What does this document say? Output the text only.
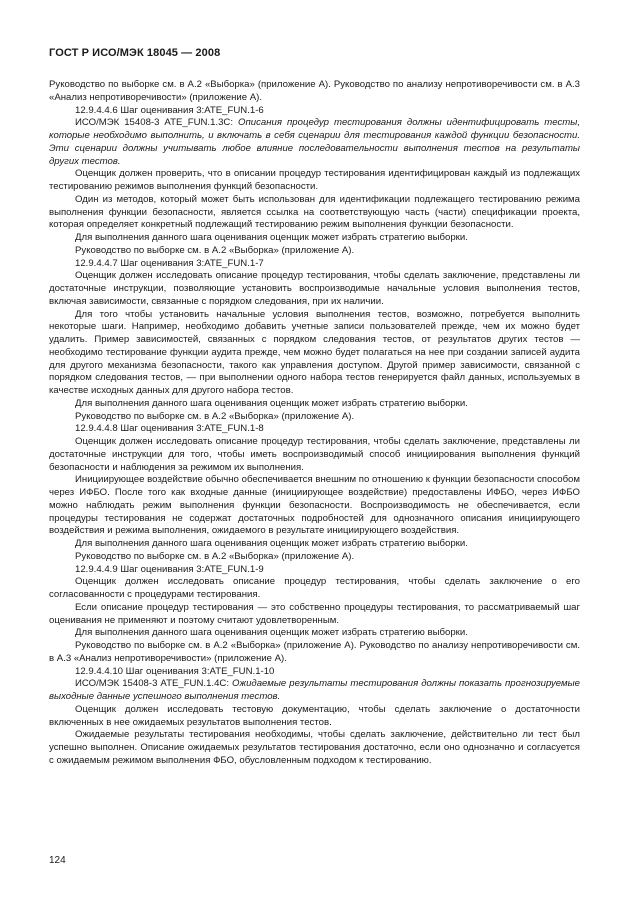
ГОСТ Р ИСО/МЭК 18045 — 2008

Руководство по выборке см. в А.2 «Выборка» (приложение А). Руководство по анализу непротиворечивости см. в А.3 «Анализ непротиворечивости» (приложение А).

12.9.4.4.6 Шаг оценивания 3:ATE_FUN.1-6

ИСО/МЭК 15408-3 ATE_FUN.1.3C: Описания процедур тестирования должны идентифицировать тесты, которые необходимо выполнить, и включать в себя сценарии для тестирования каждой функции безопасности. Эти сценарии должны учитывать любое влияние последовательности выполнения тестов на результаты других тестов.

Оценщик должен проверить, что в описании процедур тестирования идентифицирован каждый из подлежащих тестированию режимов выполнения функций безопасности.

Один из методов, который может быть использован для идентификации подлежащего тестированию режима выполнения функции безопасности, является ссылка на соответствующую часть (части) спецификации проекта, которая определяет конкретный подлежащий тестированию режим выполнения функции безопасности.

Для выполнения данного шага оценивания оценщик может избрать стратегию выборки.

Руководство по выборке см. в А.2 «Выборка» (приложение А).

12.9.4.4.7 Шаг оценивания 3:ATE_FUN.1-7

Оценщик должен исследовать описание процедур тестирования, чтобы сделать заключение, представлены ли достаточные инструкции, позволяющие установить воспроизводимые начальные условия выполнения тестов, включая зависимости, связанные с порядком следования, при их наличии.

Для того чтобы установить начальные условия выполнения тестов, возможно, потребуется выполнить некоторые шаги. Например, необходимо добавить учетные записи пользователей прежде, чем их можно будет удалить. Пример зависимостей, связанных с порядком следования тестов, от результатов других тестов — необходимо тестирование функции аудита прежде, чем можно будет полагаться на нее при создании записей аудита для другого механизма безопасности, такого как управления доступом. Другой пример зависимости, связанной с порядком следования тестов, — при выполнении одного набора тестов генерируется файл данных, используемых в качестве исходных данных для другого набора тестов.

Для выполнения данного шага оценивания оценщик может избрать стратегию выборки.

Руководство по выборке см. в А.2 «Выборка» (приложение А).

12.9.4.4.8 Шаг оценивания 3:ATE_FUN.1-8

Оценщик должен исследовать описание процедур тестирования, чтобы сделать заключение, представлены ли достаточные инструкции для того, чтобы иметь воспроизводимый способ инициирования выполнения функций безопасности и наблюдения за режимом их выполнения.

Инициирующее воздействие обычно обеспечивается внешним по отношению к функции безопасности способом через ИФБО. После того как входные данные (инициирующее воздействие) предоставлены ИФБО, через ИФБО можно наблюдать режим выполнения функции безопасности. Воспроизводимость не обеспечивается, если процедуры тестирования не содержат достаточных подробностей для однозначного описания инициирующего воздействия и режима выполнения, ожидаемого в результате инициирующего воздействия.

Для выполнения данного шага оценивания оценщик может избрать стратегию выборки.

Руководство по выборке см. в А.2 «Выборка» (приложение А).

12.9.4.4.9 Шаг оценивания 3:ATE_FUN.1-9

Оценщик должен исследовать описание процедур тестирования, чтобы сделать заключение о его согласованности с процедурами тестирования.

Если описание процедур тестирования — это собственно процедуры тестирования, то рассматриваемый шаг оценивания не применяют и поэтому считают удовлетворенным.

Для выполнения данного шага оценивания оценщик может избрать стратегию выборки.

Руководство по выборке см. в А.2 «Выборка» (приложение А). Руководство по анализу непротиворечивости см. в А.3 «Анализ непротиворечивости» (приложение А).

12.9.4.4.10 Шаг оценивания 3:ATE_FUN.1-10

ИСО/МЭК 15408-3 ATE_FUN.1.4C: Ожидаемые результаты тестирования должны показать прогнозируемые выходные данные успешного выполнения тестов.

Оценщик должен исследовать тестовую документацию, чтобы сделать заключение о достаточности включенных в нее ожидаемых результатов выполнения тестов.

Ожидаемые результаты тестирования необходимы, чтобы сделать заключение, действительно ли тест был успешно выполнен. Описание ожидаемых результатов тестирования достаточно, если оно однозначно и согласуется с ожидаемым режимом выполнения ФБО, обусловленным подходом к тестированию.

124
